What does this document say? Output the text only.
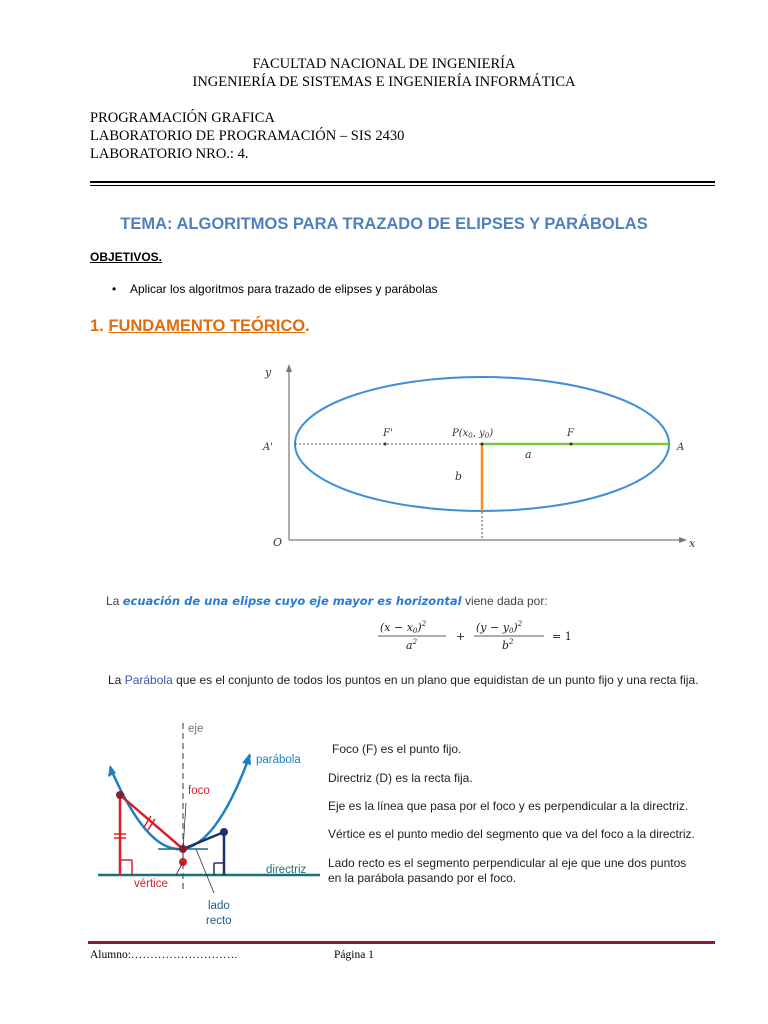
FACULTAD NACIONAL DE INGENIERÍA
INGENIERÍA DE SISTEMAS E INGENIERÍA INFORMÁTICA
PROGRAMACIÓN GRAFICA
LABORATORIO DE PROGRAMACIÓN – SIS 2430
LABORATORIO NRO.: 4.
TEMA: ALGORITMOS PARA TRAZADO DE ELIPSES Y PARÁBOLAS
OBJETIVOS.
• Aplicar los algoritmos para trazado de elipses y parábolas
1. FUNDAMENTO TEÓRICO.
y
x
O
A'	A
F'	F
$P(x_0$, $y_0$)
a
b
La ecuación de una elipse cuyo eje mayor es horizontal viene dada por:
$(x - x0)^2$
$a^2$	+
$(y - y0)^2$
$b^2$	= 1
La Parábola que es el conjunto de todos los puntos en un plano que equidistan de un punto fijo y una recta fija.
eje
parábola
foco
directriz
vértice
lado
recto
Foco (F) es el punto fijo.
Directriz (D) es la recta fija.
Eje es la línea que pasa por el foco y es perpendicular a la directriz.
Vértice es el punto medio del segmento que va del foco a la directriz.
Lado recto es el segmento perpendicular al eje que une dos puntos
en la parábola pasando por el foco.
Alumno:……………………….	Página 1
